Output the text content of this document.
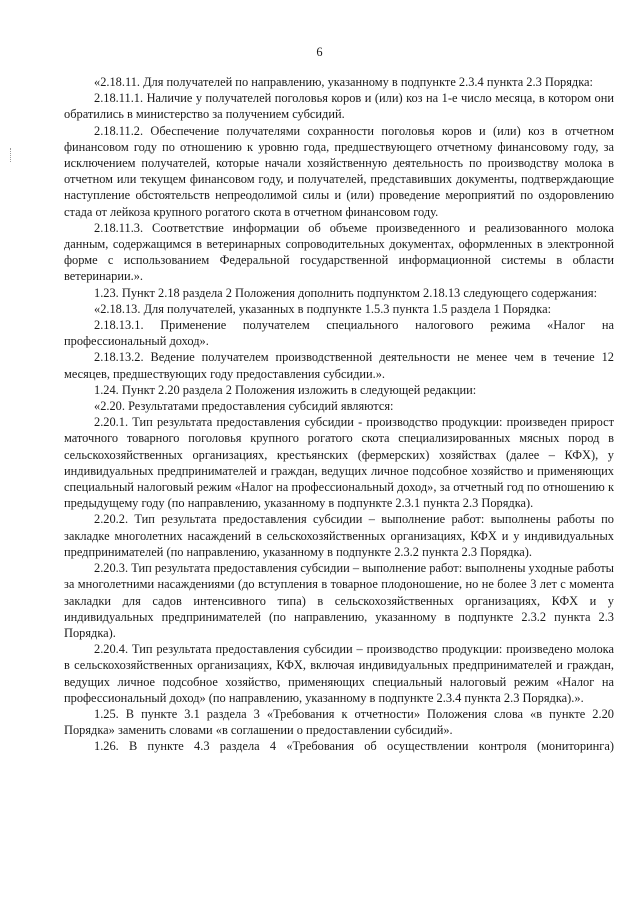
6

«2.18.11. Для получателей по направлению, указанному в подпункте 2.3.4 пункта 2.3 Порядка:

2.18.11.1. Наличие у получателей поголовья коров и (или) коз на 1-е число месяца, в котором они обратились в министерство за получением субсидий.

2.18.11.2. Обеспечение получателями сохранности поголовья коров и (или) коз в отчетном финансовом году по отношению к уровню года, предшествующего отчетному финансовому году, за исключением получателей, которые начали хозяйственную деятельность по производству молока в отчетном или текущем финансовом году, и получателей, представивших документы, подтверждающие наступление обстоятельств непреодолимой силы и (или) проведение мероприятий по оздоровлению стада от лейкоза крупного рогатого скота в отчетном финансовом году.

2.18.11.3. Соответствие информации об объеме произведенного и реализованного молока данным, содержащимся в ветеринарных сопроводительных документах, оформленных в электронной форме с использованием Федеральной государственной информационной системы в области ветеринарии.».

1.23. Пункт 2.18 раздела 2 Положения дополнить подпунктом 2.18.13 следующего содержания:

«2.18.13. Для получателей, указанных в подпункте 1.5.3 пункта 1.5 раздела 1 Порядка:

2.18.13.1. Применение получателем специального налогового режима «Налог на профессиональный доход».

2.18.13.2. Ведение получателем производственной деятельности не менее чем в течение 12 месяцев, предшествующих году предоставления субсидии.».

1.24. Пункт 2.20 раздела 2 Положения изложить в следующей редакции:

«2.20. Результатами предоставления субсидий являются:

2.20.1. Тип результата предоставления субсидии - производство продукции: произведен прирост маточного товарного поголовья крупного рогатого скота специализированных мясных пород в сельскохозяйственных организациях, крестьянских (фермерских) хозяйствах (далее – КФХ), у индивидуальных предпринимателей и граждан, ведущих личное подсобное хозяйство и применяющих специальный налоговый режим «Налог на профессиональный доход», за отчетный год по отношению к предыдущему году (по направлению, указанному в подпункте 2.3.1 пункта 2.3 Порядка).

2.20.2. Тип результата предоставления субсидии – выполнение работ: выполнены работы по закладке многолетних насаждений в сельскохозяйственных организациях, КФХ и у индивидуальных предпринимателей (по направлению, указанному в подпункте 2.3.2 пункта 2.3 Порядка).

2.20.3. Тип результата предоставления субсидии – выполнение работ: выполнены уходные работы за многолетними насаждениями (до вступления в товарное плодоношение, но не более 3 лет с момента закладки для садов интенсивного типа) в сельскохозяйственных организациях, КФХ и у индивидуальных предпринимателей (по направлению, указанному в подпункте 2.3.2 пункта 2.3 Порядка).

2.20.4. Тип результата предоставления субсидии – производство продукции: произведено молока в сельскохозяйственных организациях, КФХ, включая индивидуальных предпринимателей и граждан, ведущих личное подсобное хозяйство, применяющих специальный налоговый режим «Налог на профессиональный доход» (по направлению, указанному в подпункте 2.3.4 пункта 2.3 Порядка).».

1.25. В пункте 3.1 раздела 3 «Требования к отчетности» Положения слова «в пункте 2.20 Порядка» заменить словами «в соглашении о предоставлении субсидий».

1.26. В пункте 4.3 раздела 4 «Требования об осуществлении контроля (мониторинга)
